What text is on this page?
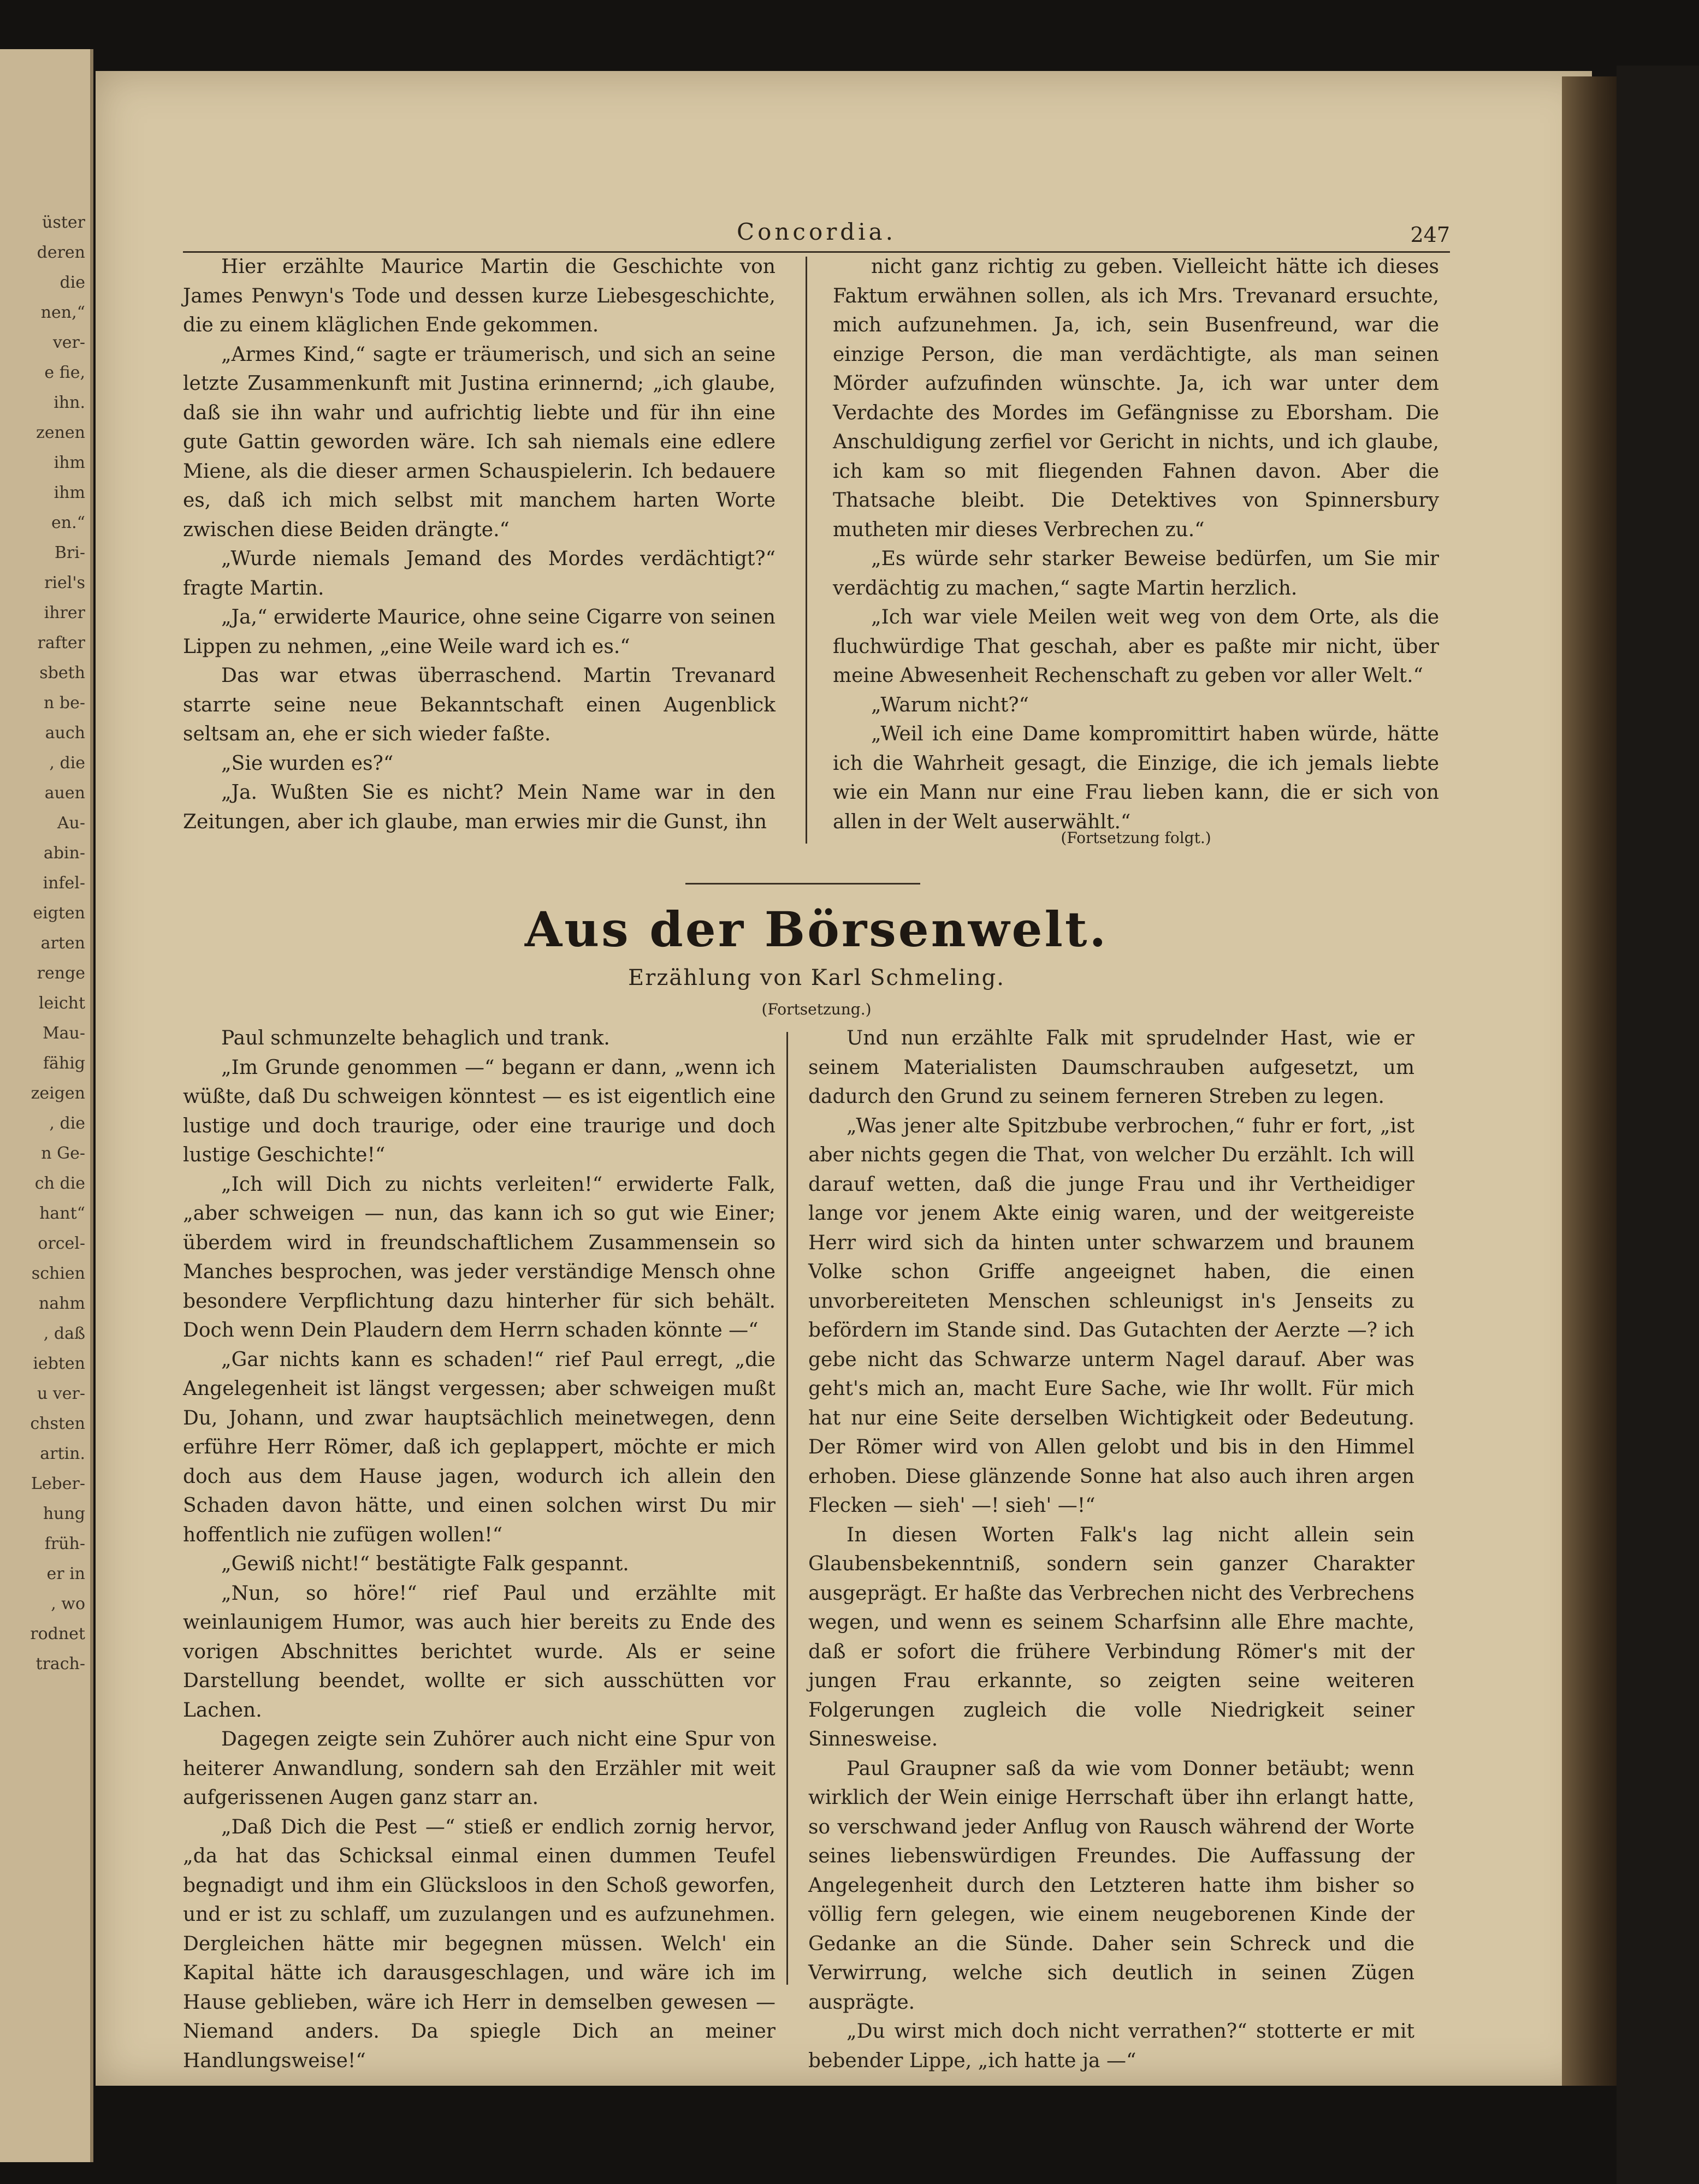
üster
deren
die
nen,“
ver-
e fie,
ihn.
zenen
ihm
ihm
en.“
Bri-
riel's
ihrer
rafter
sbeth
n be-
auch
, die
auen
Au-
abin-
infel-
eigten
arten
renge
leicht
Mau-
fähig
zeigen
, die
n Ge-
ch die
hant“
orcel-
schien
nahm
, daß
iebten
u ver-
chsten
artin.
Leber-
hung
früh-
er in
, wo
rodnet
trach-
Concordia.	247

Hier erzählte Maurice Martin die Geschichte von James Penwyn's Tode und dessen kurze Liebesgeschichte, die zu einem kläglichen Ende gekommen.

„Armes Kind,“ sagte er träumerisch, und sich an seine letzte Zusammenkunft mit Justina erinnernd; „ich glaube, daß sie ihn wahr und aufrichtig liebte und für ihn eine gute Gattin geworden wäre. Ich sah niemals eine edlere Miene, als die dieser armen Schauspielerin. Ich bedauere es, daß ich mich selbst mit manchem harten Worte zwischen diese Beiden drängte.“

„Wurde niemals Jemand des Mordes verdächtigt?“ fragte Martin.

„Ja,“ erwiderte Maurice, ohne seine Cigarre von seinen Lippen zu nehmen, „eine Weile ward ich es.“

Das war etwas überraschend. Martin Trevanard starrte seine neue Bekanntschaft einen Augenblick seltsam an, ehe er sich wieder faßte.

„Sie wurden es?“

„Ja. Wußten Sie es nicht? Mein Name war in den Zeitungen, aber ich glaube, man erwies mir die Gunst, ihn

nicht ganz richtig zu geben. Vielleicht hätte ich dieses Faktum erwähnen sollen, als ich Mrs. Trevanard ersuchte, mich aufzunehmen. Ja, ich, sein Busenfreund, war die einzige Person, die man verdächtigte, als man seinen Mörder aufzufinden wünschte. Ja, ich war unter dem Verdachte des Mordes im Gefängnisse zu Eborsham. Die Anschuldigung zerfiel vor Gericht in nichts, und ich glaube, ich kam so mit fliegenden Fahnen davon. Aber die Thatsache bleibt. Die Detektives von Spinnersbury mutheten mir dieses Verbrechen zu.“

„Es würde sehr starker Beweise bedürfen, um Sie mir verdächtig zu machen,“ sagte Martin herzlich.

„Ich war viele Meilen weit weg von dem Orte, als die fluchwürdige That geschah, aber es paßte mir nicht, über meine Abwesenheit Rechenschaft zu geben vor aller Welt.“

„Warum nicht?“

„Weil ich eine Dame kompromittirt haben würde, hätte ich die Wahrheit gesagt, die Einzige, die ich jemals liebte wie ein Mann nur eine Frau lieben kann, die er sich von allen in der Welt auserwählt.“

(Fortsetzung folgt.)
Aus der Börsenwelt.
Erzählung von Karl Schmeling.
(Fortsetzung.)

Paul schmunzelte behaglich und trank.

„Im Grunde genommen —“ begann er dann, „wenn ich wüßte, daß Du schweigen könntest — es ist eigentlich eine lustige und doch traurige, oder eine traurige und doch lustige Geschichte!“

„Ich will Dich zu nichts verleiten!“ erwiderte Falk, „aber schweigen — nun, das kann ich so gut wie Einer; überdem wird in freundschaftlichem Zusammensein so Manches besprochen, was jeder verständige Mensch ohne besondere Verpflichtung dazu hinterher für sich behält. Doch wenn Dein Plaudern dem Herrn schaden könnte —“

„Gar nichts kann es schaden!“ rief Paul erregt, „die Angelegenheit ist längst vergessen; aber schweigen mußt Du, Johann, und zwar hauptsächlich meinetwegen, denn erführe Herr Römer, daß ich geplappert, möchte er mich doch aus dem Hause jagen, wodurch ich allein den Schaden davon hätte, und einen solchen wirst Du mir hoffentlich nie zufügen wollen!“

„Gewiß nicht!“ bestätigte Falk gespannt.

„Nun, so höre!“ rief Paul und erzählte mit weinlaunigem Humor, was auch hier bereits zu Ende des vorigen Abschnittes berichtet wurde. Als er seine Darstellung beendet, wollte er sich ausschütten vor Lachen.

Dagegen zeigte sein Zuhörer auch nicht eine Spur von heiterer Anwandlung, sondern sah den Erzähler mit weit aufgerissenen Augen ganz starr an.

„Daß Dich die Pest —“ stieß er endlich zornig hervor, „da hat das Schicksal einmal einen dummen Teufel begnadigt und ihm ein Glücksloos in den Schoß geworfen, und er ist zu schlaff, um zuzulangen und es aufzunehmen. Dergleichen hätte mir begegnen müssen. Welch' ein Kapital hätte ich darausgeschlagen, und wäre ich im Hause geblieben, wäre ich Herr in demselben gewesen — Niemand anders. Da spiegle Dich an meiner Handlungsweise!“

Und nun erzählte Falk mit sprudelnder Hast, wie er seinem Materialisten Daumschrauben aufgesetzt, um dadurch den Grund zu seinem ferneren Streben zu legen.

„Was jener alte Spitzbube verbrochen,“ fuhr er fort, „ist aber nichts gegen die That, von welcher Du erzählt. Ich will darauf wetten, daß die junge Frau und ihr Vertheidiger lange vor jenem Akte einig waren, und der weitgereiste Herr wird sich da hinten unter schwarzem und braunem Volke schon Griffe angeeignet haben, die einen unvorbereiteten Menschen schleunigst in's Jenseits zu befördern im Stande sind. Das Gutachten der Aerzte —? ich gebe nicht das Schwarze unterm Nagel darauf. Aber was geht's mich an, macht Eure Sache, wie Ihr wollt. Für mich hat nur eine Seite derselben Wichtigkeit oder Bedeutung. Der Römer wird von Allen gelobt und bis in den Himmel erhoben. Diese glänzende Sonne hat also auch ihren argen Flecken — sieh' —! sieh' —!“

In diesen Worten Falk's lag nicht allein sein Glaubensbekenntniß, sondern sein ganzer Charakter ausgeprägt. Er haßte das Verbrechen nicht des Verbrechens wegen, und wenn es seinem Scharfsinn alle Ehre machte, daß er sofort die frühere Verbindung Römer's mit der jungen Frau erkannte, so zeigten seine weiteren Folgerungen zugleich die volle Niedrigkeit seiner Sinnesweise.

Paul Graupner saß da wie vom Donner betäubt; wenn wirklich der Wein einige Herrschaft über ihn erlangt hatte, so verschwand jeder Anflug von Rausch während der Worte seines liebenswürdigen Freundes. Die Auffassung der Angelegenheit durch den Letzteren hatte ihm bisher so völlig fern gelegen, wie einem neugeborenen Kinde der Gedanke an die Sünde. Daher sein Schreck und die Verwirrung, welche sich deutlich in seinen Zügen ausprägte.

„Du wirst mich doch nicht verrathen?“ stotterte er mit bebender Lippe, „ich hatte ja —“
